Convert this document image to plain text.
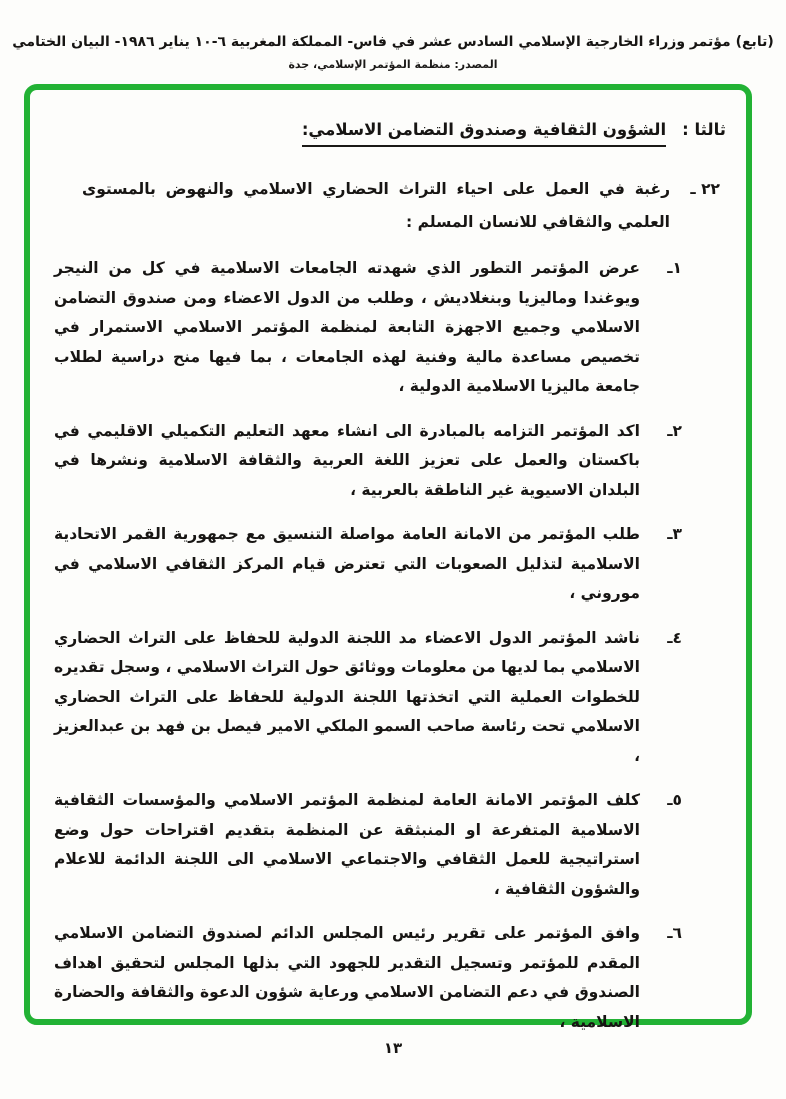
(تابع) مؤتمر وزراء الخارجية الإسلامي السادس عشر في فاس- المملكة المغربية ٦-١٠ يناير ١٩٨٦- البيان الختامي
المصدر: منظمة المؤتمر الإسلامي، جدة
ثالثا :
الشؤون الثقافية وصندوق التضامن الاسلامي:
٢٢ ـ
رغبة في العمل على احياء التراث الحضاري الاسلامي والنهوض بالمستوى العلمي والثقافي للانسان المسلم :
١ـ
عرض المؤتمر التطور الذي شهدته الجامعات الاسلامية في كل من النيجر ويوغندا وماليزيا وبنغلاديش ، وطلب من الدول الاعضاء ومن صندوق التضامن الاسلامي وجميع الاجهزة التابعة لمنظمة المؤتمر الاسلامي الاستمرار في تخصيص مساعدة مالية وفنية لهذه الجامعات ، بما فيها منح دراسية لطلاب جامعة ماليزيا الاسلامية الدولية ،
٢ـ
اكد المؤتمر التزامه بالمبادرة الى انشاء معهد التعليم التكميلي الاقليمي في باكستان والعمل على تعزيز اللغة العربية والثقافة الاسلامية ونشرها في البلدان الاسيوية غير الناطقة بالعربية ،
٣ـ
طلب المؤتمر من الامانة العامة مواصلة التنسيق مع جمهورية القمر الاتحادية الاسلامية لتذليل الصعوبات التي تعترض قيام المركز الثقافي الاسلامي في موروني ،
٤ـ
ناشد المؤتمر الدول الاعضاء مد اللجنة الدولية للحفاظ على التراث الحضاري الاسلامي بما لديها من معلومات ووثائق حول التراث الاسلامي ، وسجل تقديره للخطوات العملية التي اتخذتها اللجنة الدولية للحفاظ على التراث الحضاري الاسلامي تحت رئاسة صاحب السمو الملكي الامير فيصل بن فهد بن عبدالعزيز ،
٥ـ
كلف المؤتمر الامانة العامة لمنظمة المؤتمر الاسلامي والمؤسسات الثقافية الاسلامية المتفرعة او المنبثقة عن المنظمة بتقديم اقتراحات حول وضع استراتيجية للعمل الثقافي والاجتماعي الاسلامي الى اللجنة الدائمة للاعلام والشؤون الثقافية ،
٦ـ
وافق المؤتمر على تقرير رئيس المجلس الدائم لصندوق التضامن الاسلامي المقدم للمؤتمر وتسجيل التقدير للجهود التي بذلها المجلس لتحقيق اهداف الصندوق في دعم التضامن الاسلامي ورعاية شؤون الدعوة والثقافة والحضارة الاسلامية ،
١٣
